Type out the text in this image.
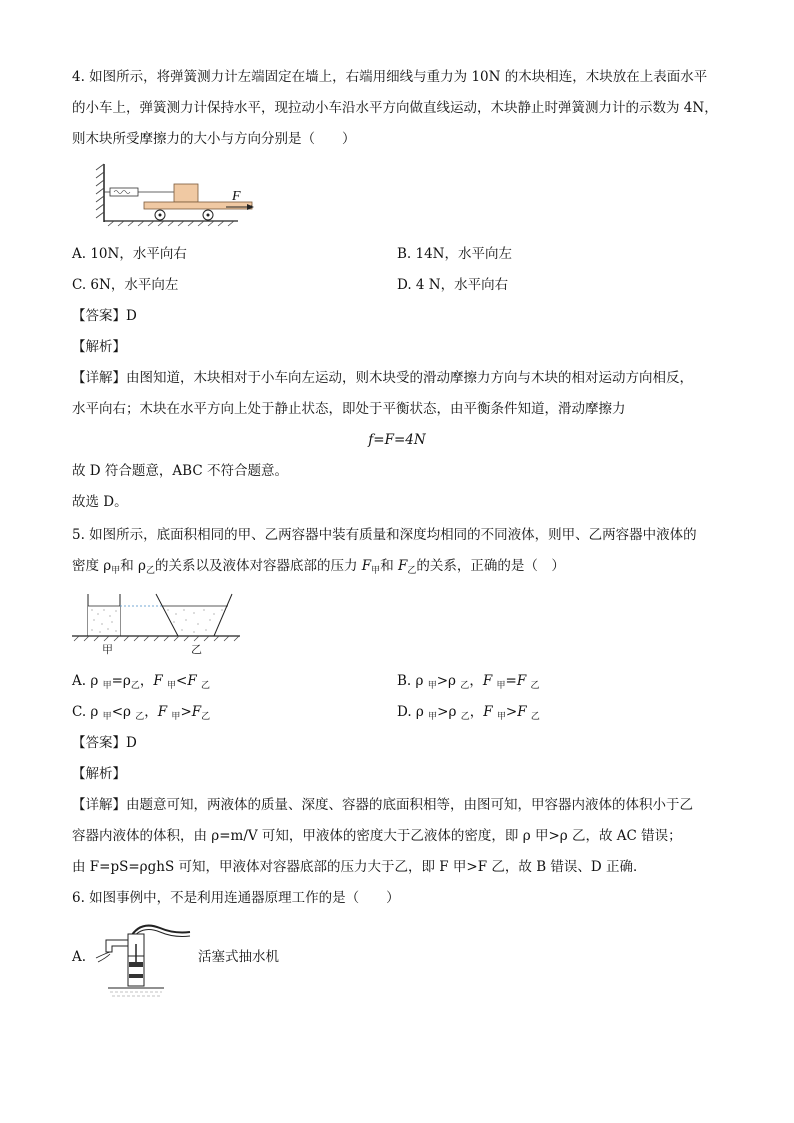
4. 如图所示，将弹簧测力计左端固定在墙上，右端用细线与重力为 10N 的木块相连，木块放在上表面水平
的小车上，弹簧测力计保持水平，现拉动小车沿水平方向做直线运动，木块静止时弹簧测力计的示数为 4N，
则木块所受摩擦力的大小与方向分别是（　　）
F
A. 10N，水平向右	B. 14N，水平向左
C. 6N，水平向左	D. 4 N，水平向右
【答案】D
【解析】
【详解】由图知道，木块相对于小车向左运动，则木块受的滑动摩擦力方向与木块的相对运动方向相反，
水平向右；木块在水平方向上处于静止状态，即处于平衡状态，由平衡条件知道，滑动摩擦力
f=F=4N
故 D 符合题意，ABC 不符合题意。
故选 D。
5. 如图所示，底面积相同的甲、乙两容器中装有质量和深度均相同的不同液体，则甲、乙两容器中液体的
密度 $\rho_甲$和 $\rho_乙$的关系以及液体对容器底部的压力 $F_甲$和 $F_乙$的关系，正确的是（　）
甲	乙
A. ρ $_甲=\rho_乙$，F $_甲$<F $_乙$	B. ρ $_甲$>ρ $_乙$，F $_甲$=F $_乙$
C. ρ $_甲$<ρ $_乙$，F $_甲>F_乙$	D. ρ $_甲$>ρ $_乙$，F $_甲$>F $_乙$
【答案】D
【解析】
【详解】由题意可知，两液体的质量、深度、容器的底面积相等，由图可知，甲容器内液体的体积小于乙
容器内液体的体积，由 ρ=m/V 可知，甲液体的密度大于乙液体的密度，即 ρ 甲>ρ 乙，故 AC 错误；
由 F=pS=ρghS 可知，甲液体对容器底部的压力大于乙，即 F 甲>F 乙，故 B 错误、D 正确．
6. 如图事例中，不是利用连通器原理工作的是（　　）
A.	活塞式抽水机
